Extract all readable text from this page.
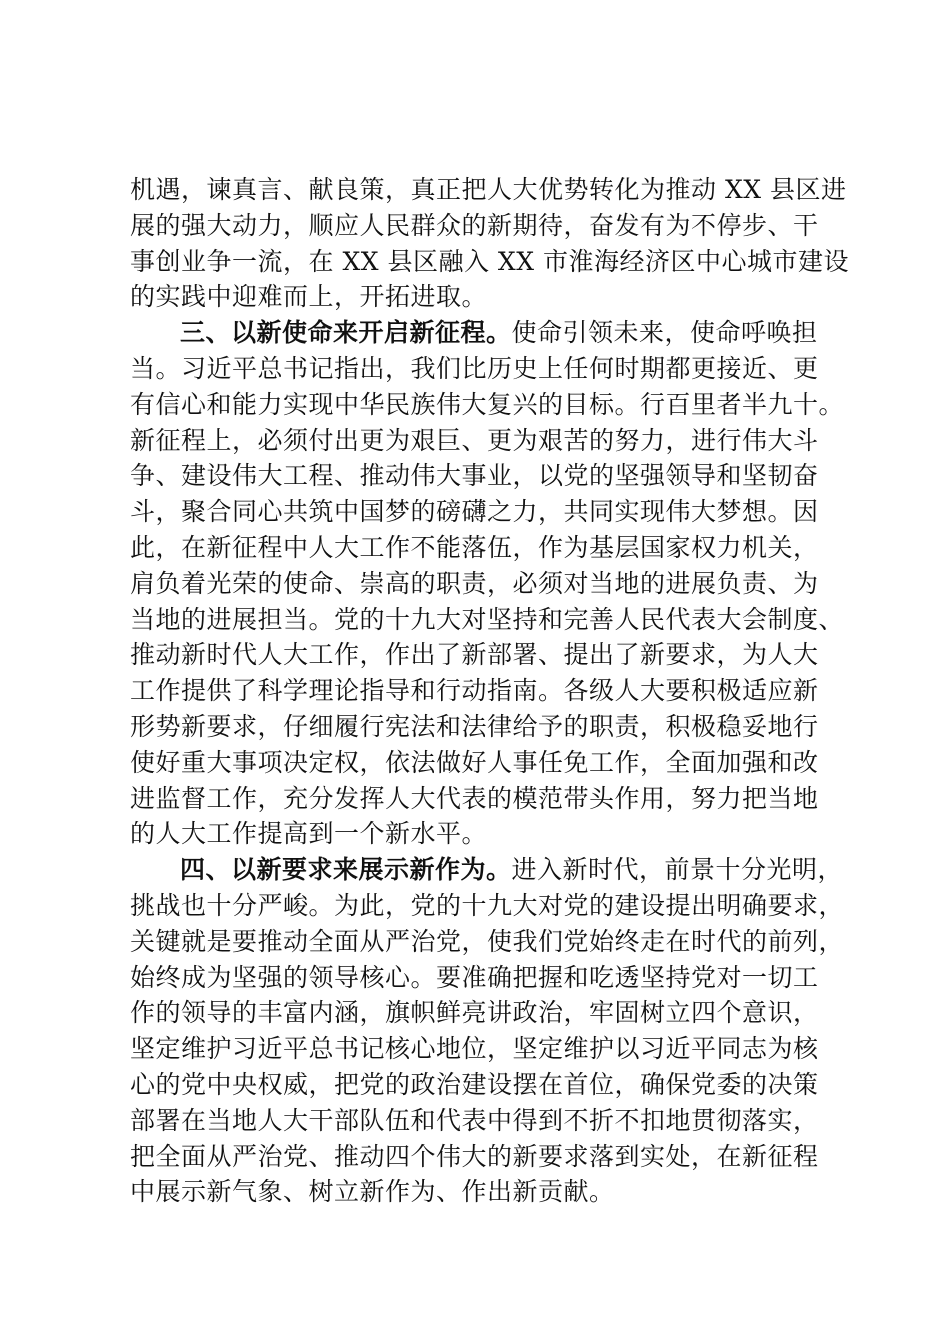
机遇，谏真言、献良策，真正把人大优势转化为推动 XX 县区进
展的强大动力，顺应人民群众的新期待，奋发有为不停步、干
事创业争一流，在 XX 县区融入 XX 市淮海经济区中心城市建设
的实践中迎难而上，开拓进取。
三、以新使命来开启新征程。使命引领未来，使命呼唤担
当。习近平总书记指出，我们比历史上任何时期都更接近、更
有信心和能力实现中华民族伟大复兴的目标。行百里者半九十。
新征程上，必须付出更为艰巨、更为艰苦的努力，进行伟大斗
争、建设伟大工程、推动伟大事业，以党的坚强领导和坚韧奋
斗，聚合同心共筑中国梦的磅礴之力，共同实现伟大梦想。因
此，在新征程中人大工作不能落伍，作为基层国家权力机关，
肩负着光荣的使命、崇高的职责，必须对当地的进展负责、为
当地的进展担当。党的十九大对坚持和完善人民代表大会制度、
推动新时代人大工作，作出了新部署、提出了新要求，为人大
工作提供了科学理论指导和行动指南。各级人大要积极适应新
形势新要求，仔细履行宪法和法律给予的职责，积极稳妥地行
使好重大事项决定权，依法做好人事任免工作，全面加强和改
进监督工作，充分发挥人大代表的模范带头作用，努力把当地
的人大工作提高到一个新水平。
四、以新要求来展示新作为。进入新时代，前景十分光明，
挑战也十分严峻。为此，党的十九大对党的建设提出明确要求，
关键就是要推动全面从严治党，使我们党始终走在时代的前列，
始终成为坚强的领导核心。要准确把握和吃透坚持党对一切工
作的领导的丰富内涵，旗帜鲜亮讲政治，牢固树立四个意识，
坚定维护习近平总书记核心地位，坚定维护以习近平同志为核
心的党中央权威，把党的政治建设摆在首位，确保党委的决策
部署在当地人大干部队伍和代表中得到不折不扣地贯彻落实，
把全面从严治党、推动四个伟大的新要求落到实处，在新征程
中展示新气象、树立新作为、作出新贡献。
